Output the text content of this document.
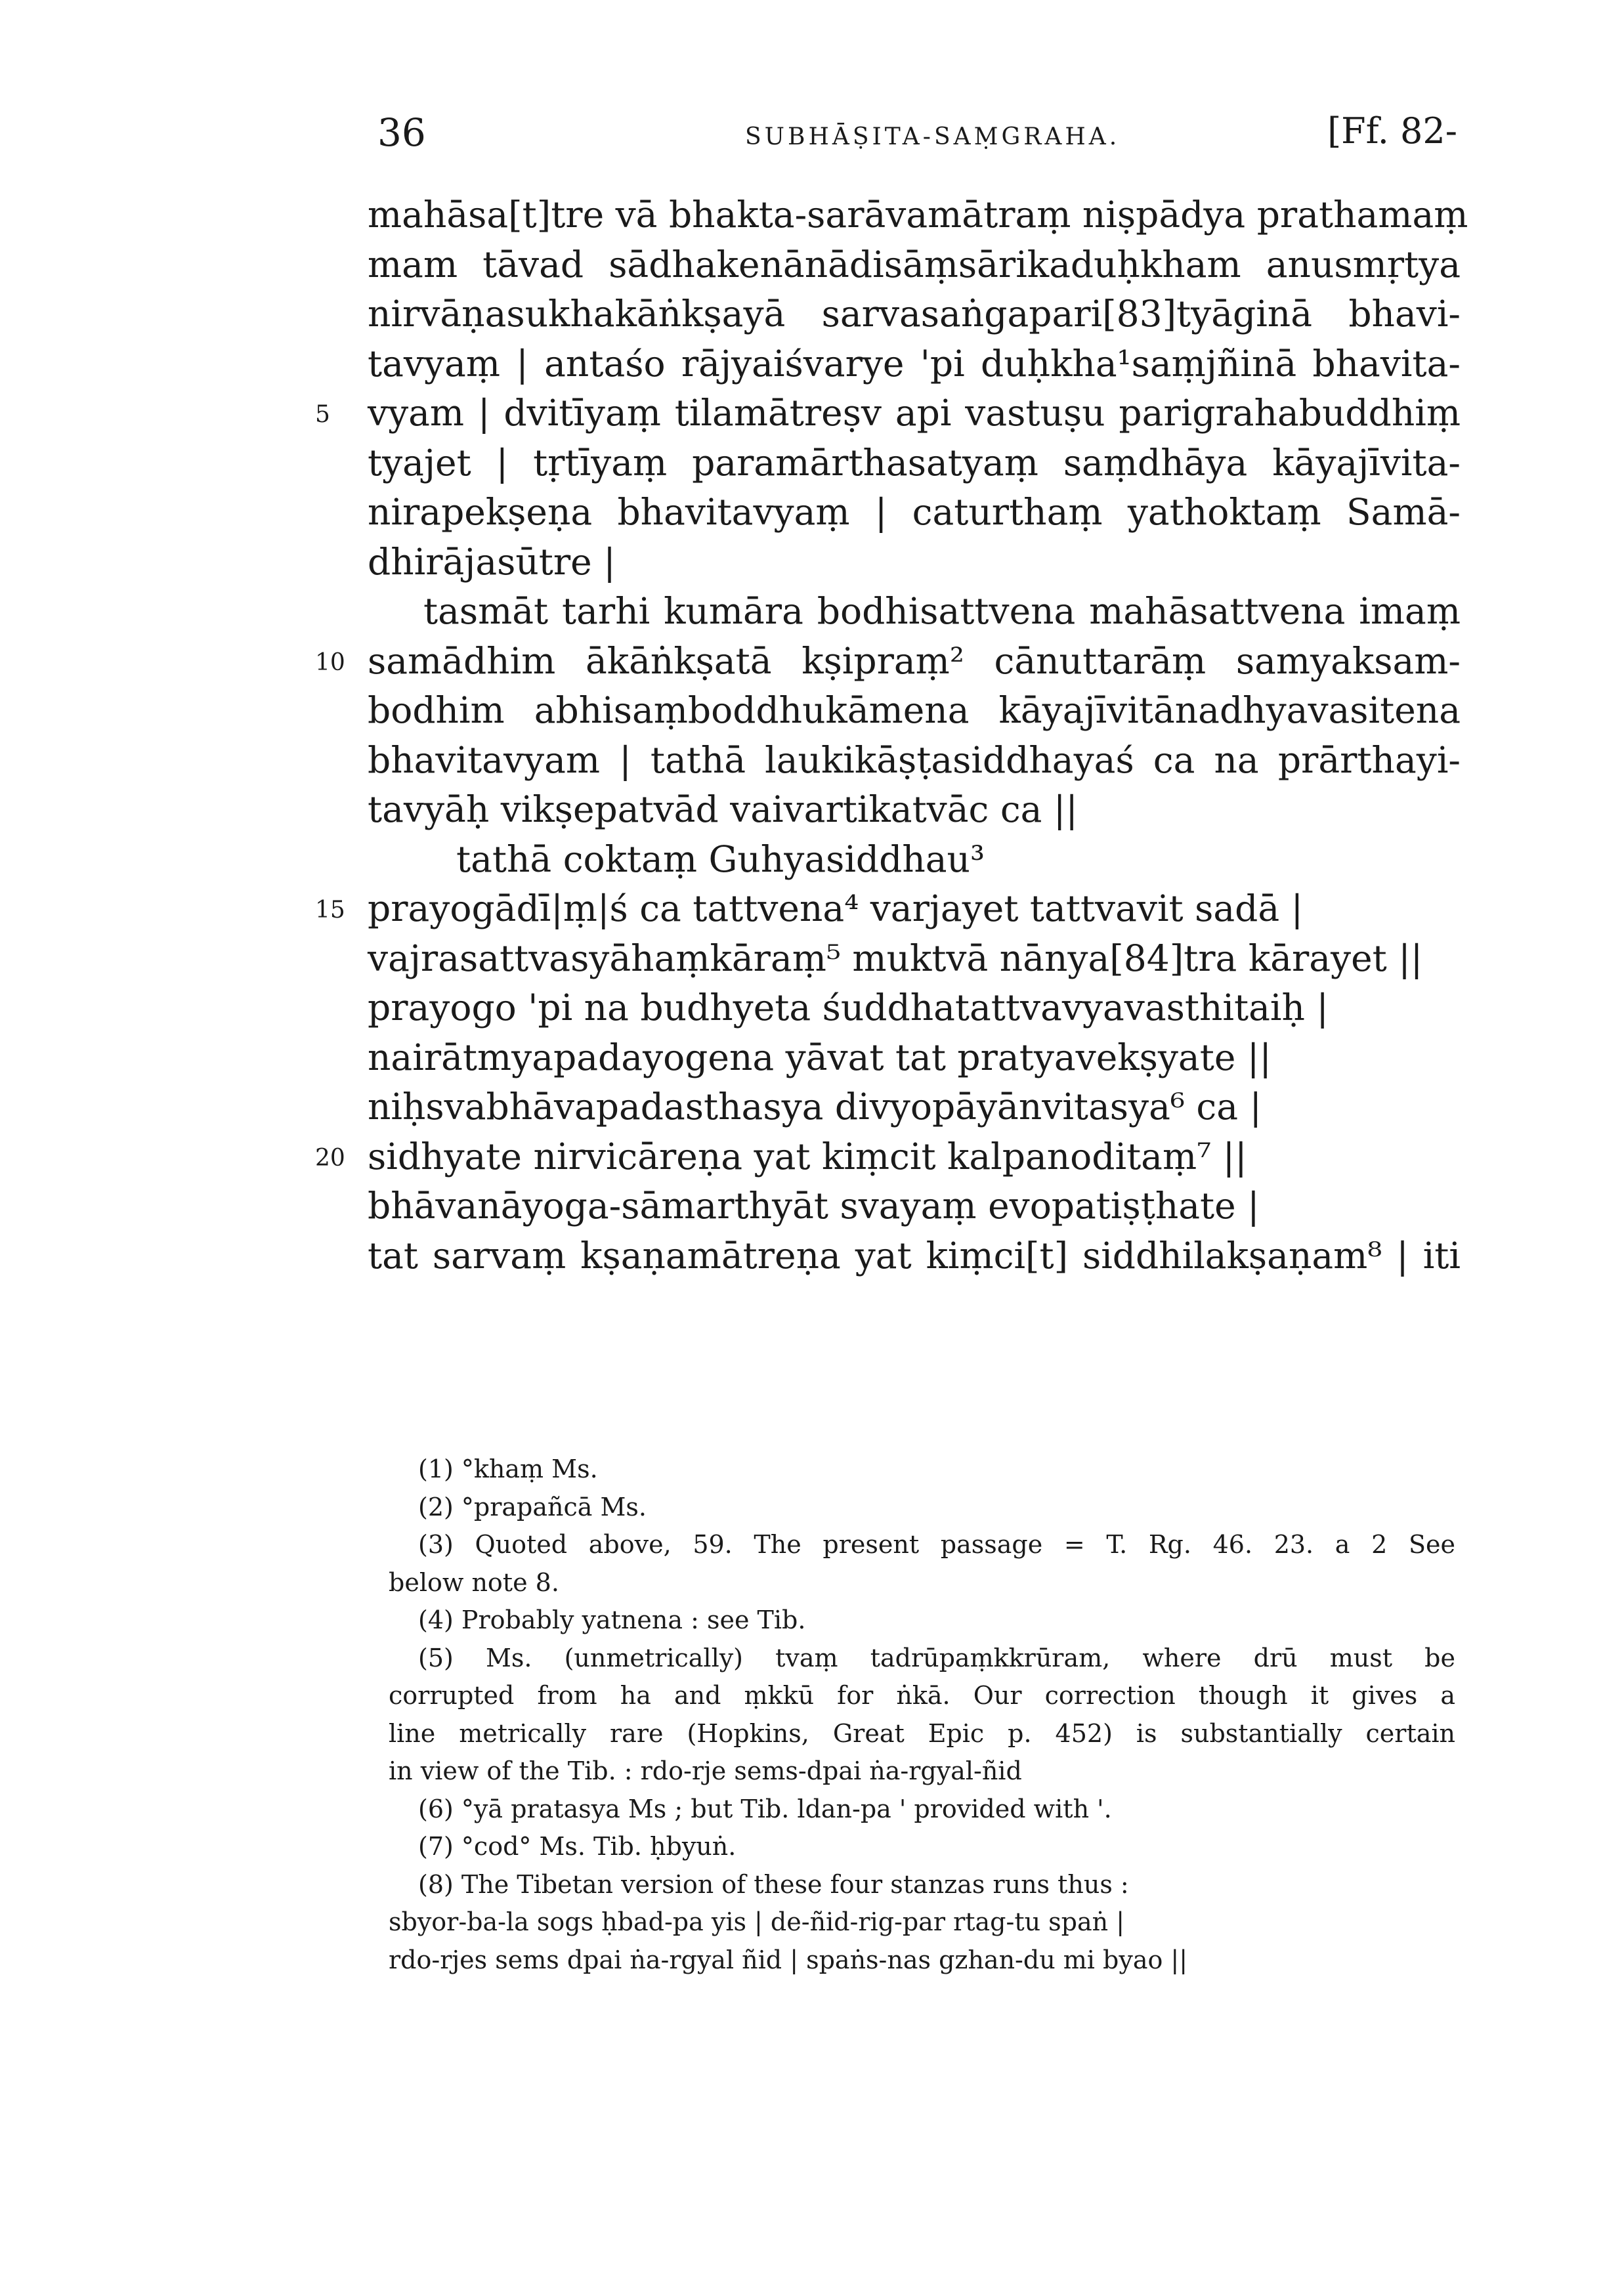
36	SUBHĀṢITA-SAṂGRAHA.	[Ff. 82-
mahāsa[t]tre vā bhakta-sarāvamātraṃ niṣpādya prathamaṃ
mam tāvad sādhakenānādisāṃsārikaduḥkham anusmṛtya
nirvāṇasukhakāṅkṣayā sarvasaṅgapari[83]tyāginā bhavi-
tavyaṃ | antaśo rājyaiśvarye 'pi duḥkha¹saṃjñinā bhavita-
5 vyam | dvitīyaṃ tilamātreṣv api vastuṣu parigrahabuddhiṃ
tyajet | tṛtīyaṃ paramārthasatyaṃ saṃdhāya kāyajīvita-
nirapekṣeṇa bhavitavyaṃ | caturthaṃ yathoktaṃ Samā-
dhirājasūtre |
tasmāt tarhi kumāra bodhisattvena mahāsattvena imaṃ
10 samādhim ākāṅkṣatā kṣipraṃ² cānuttarāṃ samyaksam-
bodhim abhisaṃboddhukāmena kāyajīvitānadhyavasitena
bhavitavyam | tathā laukikāṣṭasiddhayaś ca na prārthayi-
tavyāḥ vikṣepatvād vaivartikatvāc ca ||
tathā coktaṃ Guhyasiddhau³
15 prayogādī|ṃ|ś ca tattvena⁴ varjayet tattvavit sadā |
vajrasattvasyāhaṃkāraṃ⁵ muktvā nānya[84]tra kārayet ||
prayogo 'pi na budhyeta śuddhatattvavyavasthitaiḥ |
nairātmyapadayogena yāvat tat pratyavekṣyate ||
niḥsvabhāvapadasthasya divyopāyānvitasya⁶ ca |
20 sidhyate nirvicāreṇa yat kiṃcit kalpanoditaṃ⁷ ||
bhāvanāyoga-sāmarthyāt svayaṃ evopatiṣṭhate |
tat sarvaṃ kṣaṇamātreṇa yat kiṃci[t] siddhilakṣaṇam⁸ | iti
(1) °khaṃ Ms.
(2) °prapañcā Ms.
(3) Quoted above, 59. The present passage = T. Rg. 46. 23. a 2 See
below note 8.
(4) Probably yatnena : see Tib.
(5) Ms. (unmetrically) tvaṃ tadrūpaṃkkrūram, where drū must be
corrupted from ha and ṃkkū for ṅkā. Our correction though it gives a
line metrically rare (Hopkins, Great Epic p. 452) is substantially certain
in view of the Tib. : rdo-rje sems-dpai ṅa-rgyal-ñid
(6) °yā pratasya Ms ; but Tib. ldan-pa ' provided with '.
(7) °cod° Ms. Tib. ḥbyuṅ.
(8) The Tibetan version of these four stanzas runs thus :
sbyor-ba-la sogs ḥbad-pa yis | de-ñid-rig-par rtag-tu spaṅ |
rdo-rjes sems dpai ṅa-rgyal ñid | spaṅs-nas gzhan-du mi byao ||
